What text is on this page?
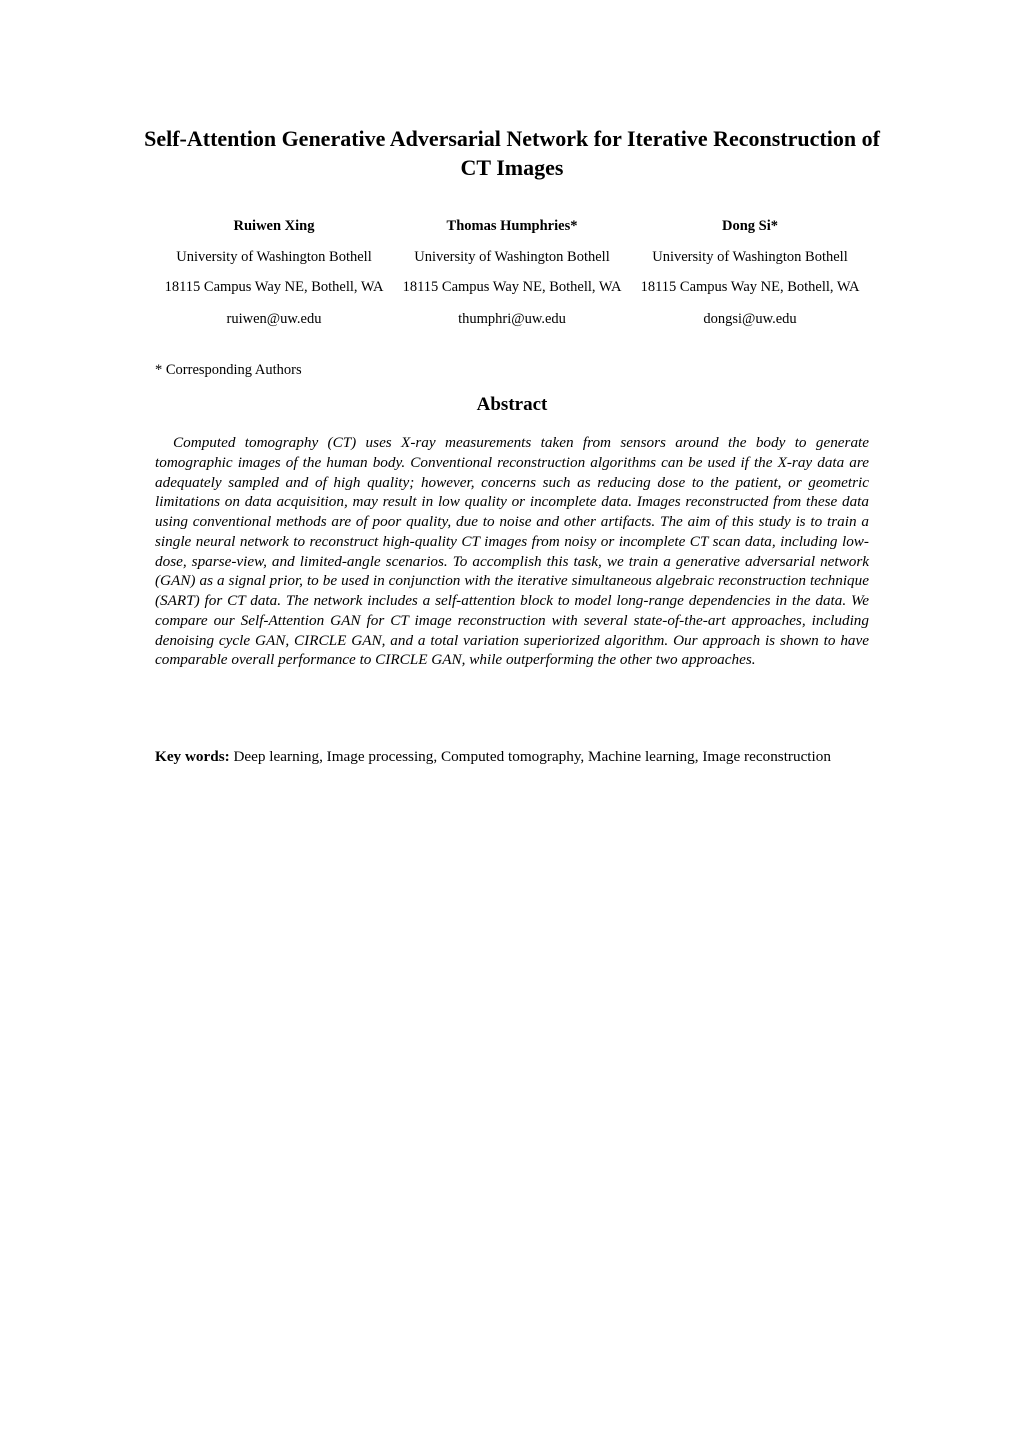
Self-Attention Generative Adversarial Network for Iterative Reconstruction of CT Images
Ruiwen Xing
University of Washington Bothell
18115 Campus Way NE, Bothell, WA
ruiwen@uw.edu
Thomas Humphries*
University of Washington Bothell
18115 Campus Way NE, Bothell, WA
thumphri@uw.edu
Dong Si*
University of Washington Bothell
18115 Campus Way NE, Bothell, WA
dongsi@uw.edu
* Corresponding Authors
Abstract

Computed tomography (CT) uses X-ray measurements taken from sensors around the body to generate tomographic images of the human body. Conventional reconstruction algorithms can be used if the X-ray data are adequately sampled and of high quality; however, concerns such as reducing dose to the patient, or geometric limitations on data acquisition, may result in low quality or incomplete data. Images reconstructed from these data using conventional methods are of poor quality, due to noise and other artifacts. The aim of this study is to train a single neural network to reconstruct high-quality CT images from noisy or incomplete CT scan data, including low-dose, sparse-view, and limited-angle scenarios. To accomplish this task, we train a generative adversarial network (GAN) as a signal prior, to be used in conjunction with the iterative simultaneous algebraic reconstruction technique (SART) for CT data. The network includes a self-attention block to model long-range dependencies in the data. We compare our Self-Attention GAN for CT image reconstruction with several state-of-the-art approaches, including denoising cycle GAN, CIRCLE GAN, and a total variation superiorized algorithm. Our approach is shown to have comparable overall performance to CIRCLE GAN, while outperforming the other two approaches.

Key words: Deep learning, Image processing, Computed tomography, Machine learning, Image reconstruction
